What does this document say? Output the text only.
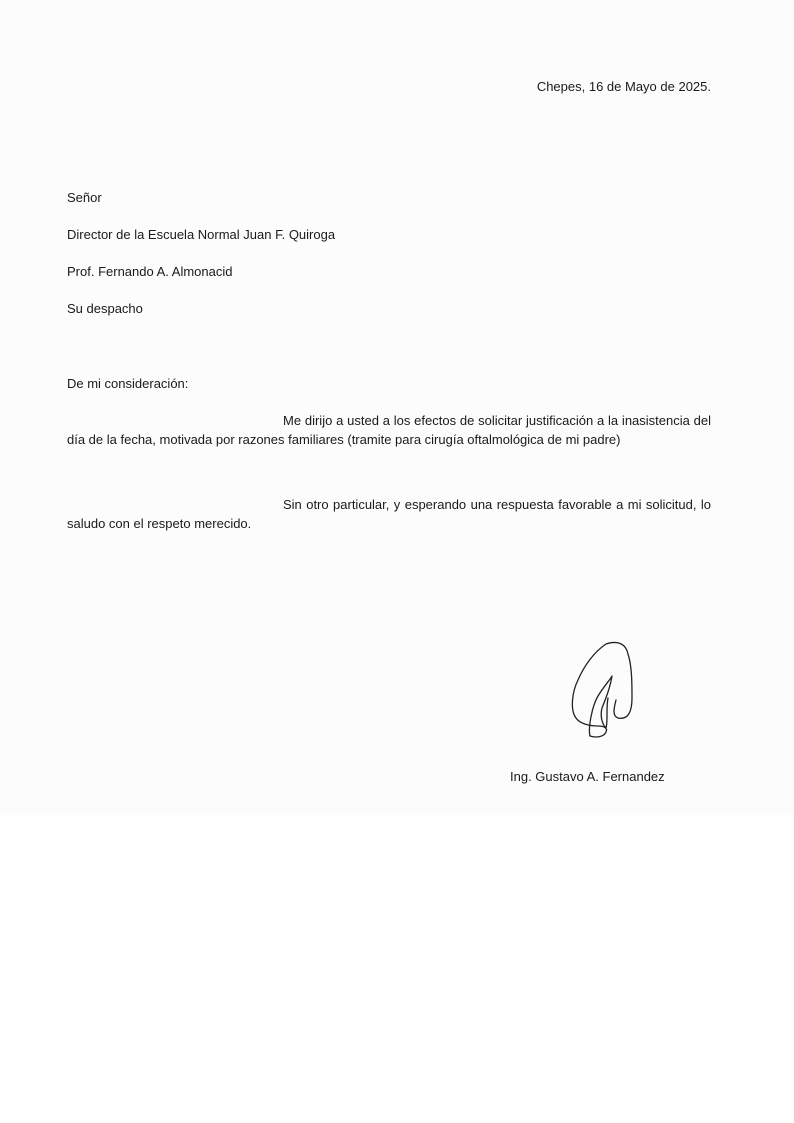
Chepes, 16 de Mayo de 2025.
Señor
Director de la Escuela Normal Juan F. Quiroga
Prof. Fernando A. Almonacid
Su despacho
De mi consideración:

Me dirijo a usted a los efectos de solicitar justificación a la inasistencia del día de la fecha, motivada por razones familiares (tramite para cirugía oftalmológica de mi padre)

Sin otro particular, y esperando una respuesta favorable a mi solicitud, lo saludo con el respeto merecido.

Ing. Gustavo A. Fernandez
